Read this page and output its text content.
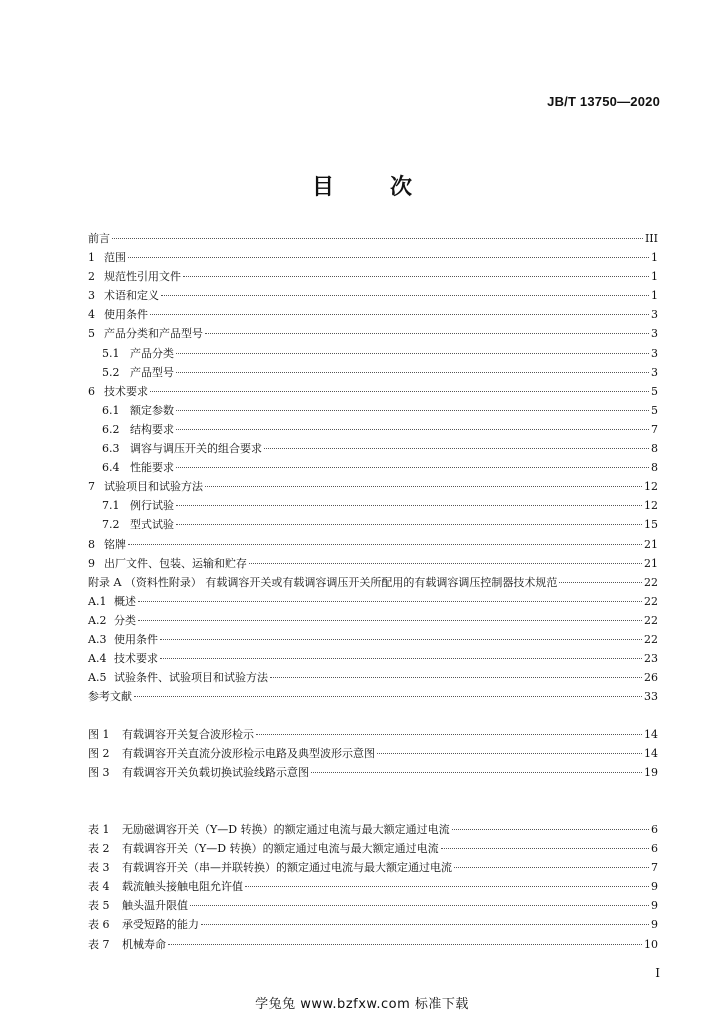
JB/T 13750—2020
目	次
前言	III
1 范围	1
2 规范性引用文件	1
3 术语和定义	1
4 使用条件	3
5 产品分类和产品型号	3
5.1 产品分类	3
5.2 产品型号	3
6 技术要求	5
6.1 额定参数	5
6.2 结构要求	7
6.3 调容与调压开关的组合要求	8
6.4 性能要求	8
7 试验项目和试验方法	12
7.1 例行试验	12
7.2 型式试验	15
8 铭牌	21
9 出厂文件、包装、运输和贮存	21
附录 A （资料性附录） 有载调容开关或有载调容调压开关所配用的有载调容调压控制器技术规范	22
A.1 概述	22
A.2 分类	22
A.3 使用条件	22
A.4 技术要求	23
A.5 试验条件、试验项目和试验方法	26
参考文献	33
图 1	有载调容开关复合波形检示	14
图 2	有载调容开关直流分波形检示电路及典型波形示意图	14
图 3	有载调容开关负载切换试验线路示意图	19
表 1	无励磁调容开关（Y—D 转换）的额定通过电流与最大额定通过电流	6
表 2	有载调容开关（Y—D 转换）的额定通过电流与最大额定通过电流	6
表 3	有载调容开关（串—并联转换）的额定通过电流与最大额定通过电流	7
表 4	载流触头接触电阻允许值	9
表 5	触头温升限值	9
表 6	承受短路的能力	9
表 7	机械寿命	10
I
学兔兔 www.bzfxw.com 标准下载
